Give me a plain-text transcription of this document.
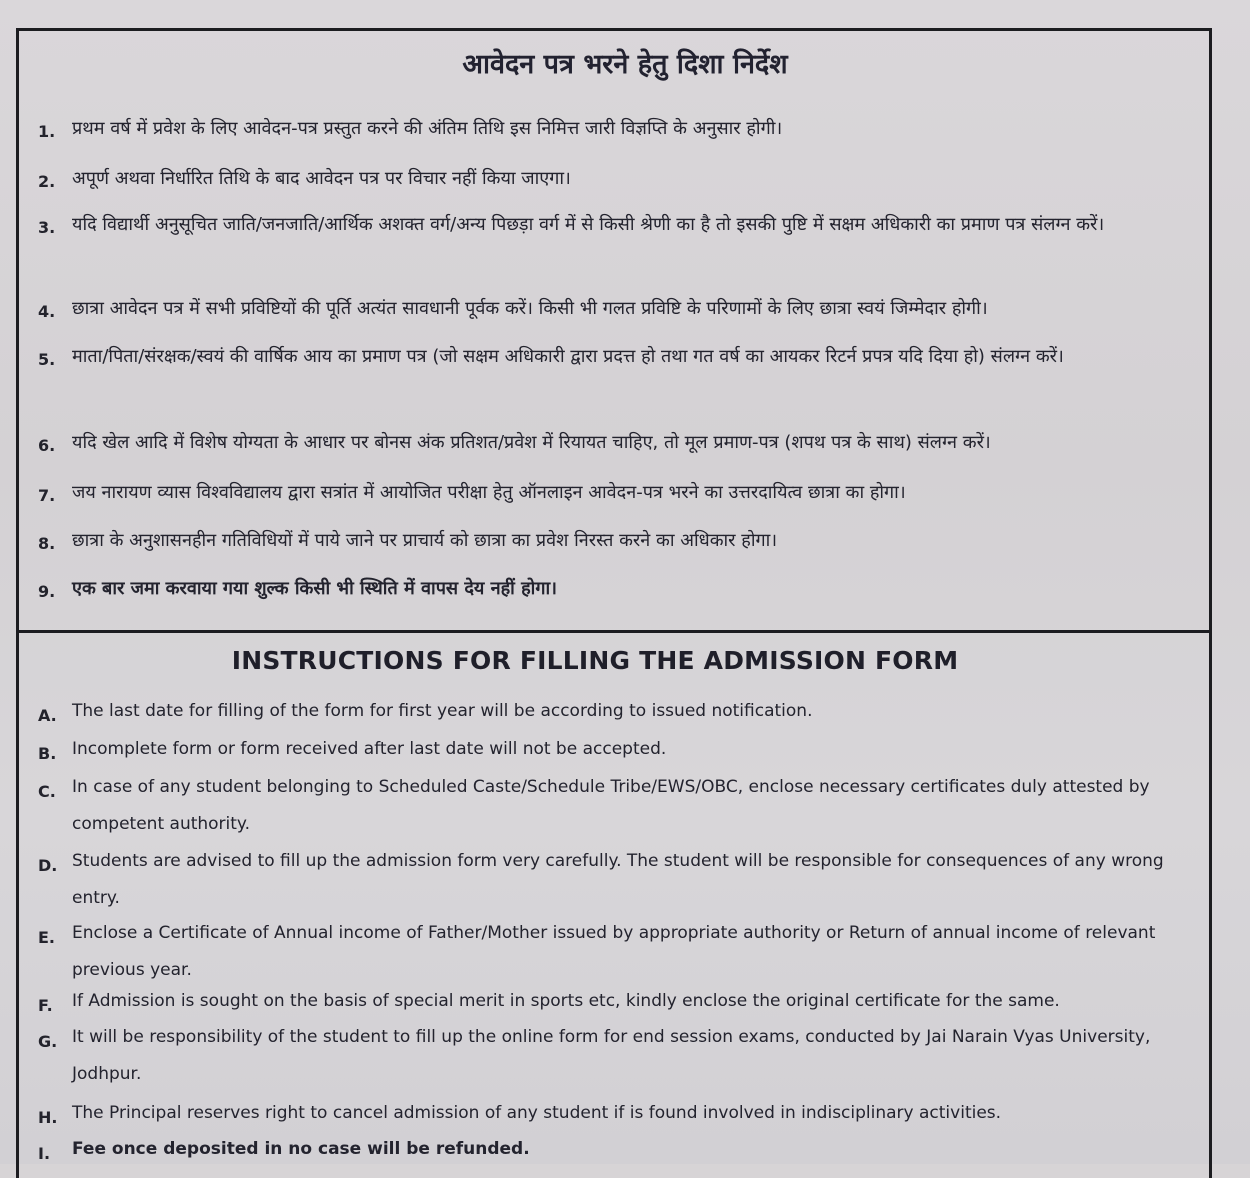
आवेदन पत्र भरने हेतु दिशा निर्देश
1. प्रथम वर्ष में प्रवेश के लिए आवेदन-पत्र प्रस्तुत करने की अंतिम तिथि इस निमित्त जारी विज्ञप्ति के अनुसार होगी।
2. अपूर्ण अथवा निर्धारित तिथि के बाद आवेदन पत्र पर विचार नहीं किया जाएगा।
3. यदि विद्यार्थी अनुसूचित जाति/जनजाति/आर्थिक अशक्त वर्ग/अन्य पिछड़ा वर्ग में से किसी श्रेणी का है तो इसकी पुष्टि में सक्षम अधिकारी का प्रमाण पत्र संलग्न करें।
4. छात्रा आवेदन पत्र में सभी प्रविष्टियों की पूर्ति अत्यंत सावधानी पूर्वक करें। किसी भी गलत प्रविष्टि के परिणामों के लिए छात्रा स्वयं जिम्मेदार होगी।
5. माता/पिता/संरक्षक/स्वयं की वार्षिक आय का प्रमाण पत्र (जो सक्षम अधिकारी द्वारा प्रदत्त हो तथा गत वर्ष का आयकर रिटर्न प्रपत्र यदि दिया हो) संलग्न करें।
6. यदि खेल आदि में विशेष योग्यता के आधार पर बोनस अंक प्रतिशत/प्रवेश में रियायत चाहिए, तो मूल प्रमाण-पत्र (शपथ पत्र के साथ) संलग्न करें।
7. जय नारायण व्यास विश्वविद्यालय द्वारा सत्रांत में आयोजित परीक्षा हेतु ऑनलाइन आवेदन-पत्र भरने का उत्तरदायित्व छात्रा का होगा।
8. छात्रा के अनुशासनहीन गतिविधियों में पाये जाने पर प्राचार्य को छात्रा का प्रवेश निरस्त करने का अधिकार होगा।
9. एक बार जमा करवाया गया शुल्क किसी भी स्थिति में वापस देय नहीं होगा।
INSTRUCTIONS FOR FILLING THE ADMISSION FORM
A. The last date for filling of the form for first year will be according to issued notification.
B. Incomplete form or form received after last date will not be accepted.
C. In case of any student belonging to Scheduled Caste/Schedule Tribe/EWS/OBC, enclose necessary certificates duly attested by competent authority.
D. Students are advised to fill up the admission form very carefully. The student will be responsible for consequences of any wrong entry.
E. Enclose a Certificate of Annual income of Father/Mother issued by appropriate authority or Return of annual income of relevant previous year.
F.	If Admission is sought on the basis of special merit in sports etc, kindly enclose the original certificate for the same.
G. It will be responsibility of the student to fill up the online form for end session exams, conducted by Jai Narain Vyas University, Jodhpur.
H. The Principal reserves right to cancel admission of any student if is found involved in indisciplinary activities.
I.	Fee once deposited in no case will be refunded.
